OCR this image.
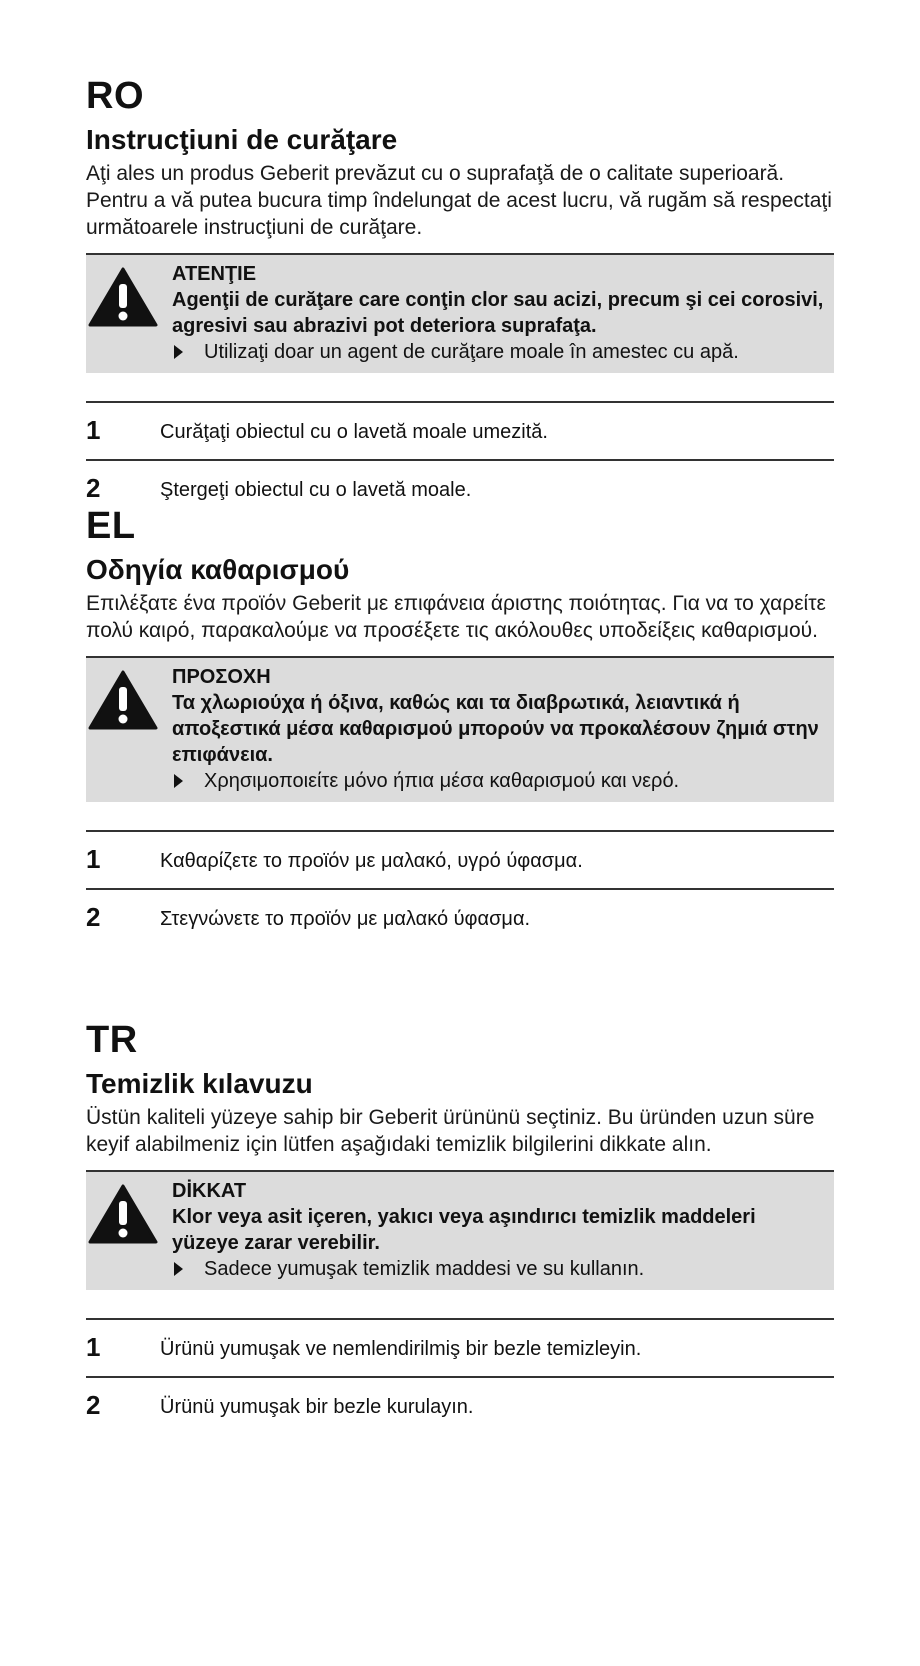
RO
Instrucţiuni de curăţare

Aţi ales un produs Geberit prevăzut cu o suprafaţă de o calitate superioară. Pentru a vă putea bucura timp îndelungat de acest lucru, vă rugăm să respectaţi următoarele instrucţiuni de curăţare.

ATENŢIE

Agenţii de curăţare care conţin clor sau acizi, precum şi cei corosivi, agresivi sau abrazivi pot deteriora suprafaţa.

Utilizaţi doar un agent de curăţare moale în amestec cu apă.

1	Curăţaţi obiectul cu o lavetă moale umezită.
2	Ştergeţi obiectul cu o lavetă moale.
EL
Οδηγία καθαρισμού

Επιλέξατε ένα προϊόν Geberit με επιφάνεια άριστης ποιότητας. Για να το χαρείτε πολύ καιρό, παρακαλούμε να προσέξετε τις ακόλουθες υποδείξεις καθαρισμού.

ΠΡΟΣΟΧΗ

Τα χλωριούχα ή όξινα, καθώς και τα διαβρωτικά, λειαντικά ή αποξεστικά μέσα καθαρισμού μπορούν να προκαλέσουν ζημιά στην επιφάνεια.

Χρησιμοποιείτε μόνο ήπια μέσα καθαρισμού και νερό.

1	Καθαρίζετε το προϊόν με μαλακό, υγρό ύφασμα.
2	Στεγνώνετε το προϊόν με μαλακό ύφασμα.
TR
Temizlik kılavuzu

Üstün kaliteli yüzeye sahip bir Geberit ürününü seçtiniz. Bu üründen uzun süre keyif alabilmeniz için lütfen aşağıdaki temizlik bilgilerini dikkate alın.

DİKKAT

Klor veya asit içeren, yakıcı veya aşındırıcı temizlik maddeleri yüzeye zarar verebilir.

Sadece yumuşak temizlik maddesi ve su kullanın.

1	Ürünü yumuşak ve nemlendirilmiş bir bezle temizleyin.
2	Ürünü yumuşak bir bezle kurulayın.
